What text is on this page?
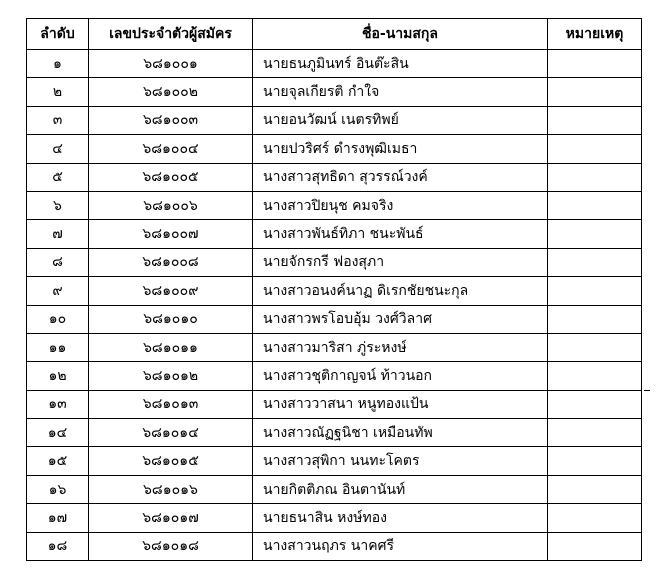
ลำดับ	เลขประจำตัวผู้สมัคร	ชื่อ-นามสกุล	หมายเหตุ
๑	๖๘๑๐๐๑	นายธนภูมินทร์ อินต๊ะสิน	
๒	๖๘๑๐๐๒	นายจุลเกียรติ กำใจ	
๓	๖๘๑๐๐๓	นายอนวัฒน์ เนตรทิพย์	
๔	๖๘๑๐๐๔	นายปวริศร์ ดำรงพุฒิเมธา	
๕	๖๘๑๐๐๕	นางสาวสุทธิดา สุวรรณ์วงค์	
๖	๖๘๑๐๐๖	นางสาวปิยนุช คมจริง	
๗	๖๘๑๐๐๗	นางสาวพันธ์ทิภา ชนะพันธ์	
๘	๖๘๑๐๐๘	นายจักรกรี ฟองสุภา	
๙	๖๘๑๐๐๙	นางสาวอนงค์นาฏ ดิเรกชัยชนะกุล	
๑๐	๖๘๑๐๑๐	นางสาวพรโอบอุ้ม วงศ์วิลาศ	
๑๑	๖๘๑๐๑๑	นางสาวมาริสา ภู่ระหงษ์	
๑๒	๖๘๑๐๑๒	นางสาวชุติกาญจน์ ท้าวนอก	
๑๓	๖๘๑๐๑๓	นางสาววาสนา หนูทองแป้น	
๑๔	๖๘๑๐๑๔	นางสาวณัฏฐนิชา เหมือนทัพ	
๑๕	๖๘๑๐๑๕	นางสาวสุพิกา นนทะโคตร	
๑๖	๖๘๑๐๑๖	นายกิตติภณ อินตานันท์	
๑๗	๖๘๑๐๑๗	นายธนาสิน หงษ์ทอง	
๑๘	๖๘๑๐๑๘	นางสาวนฤภร นาคศรี	
